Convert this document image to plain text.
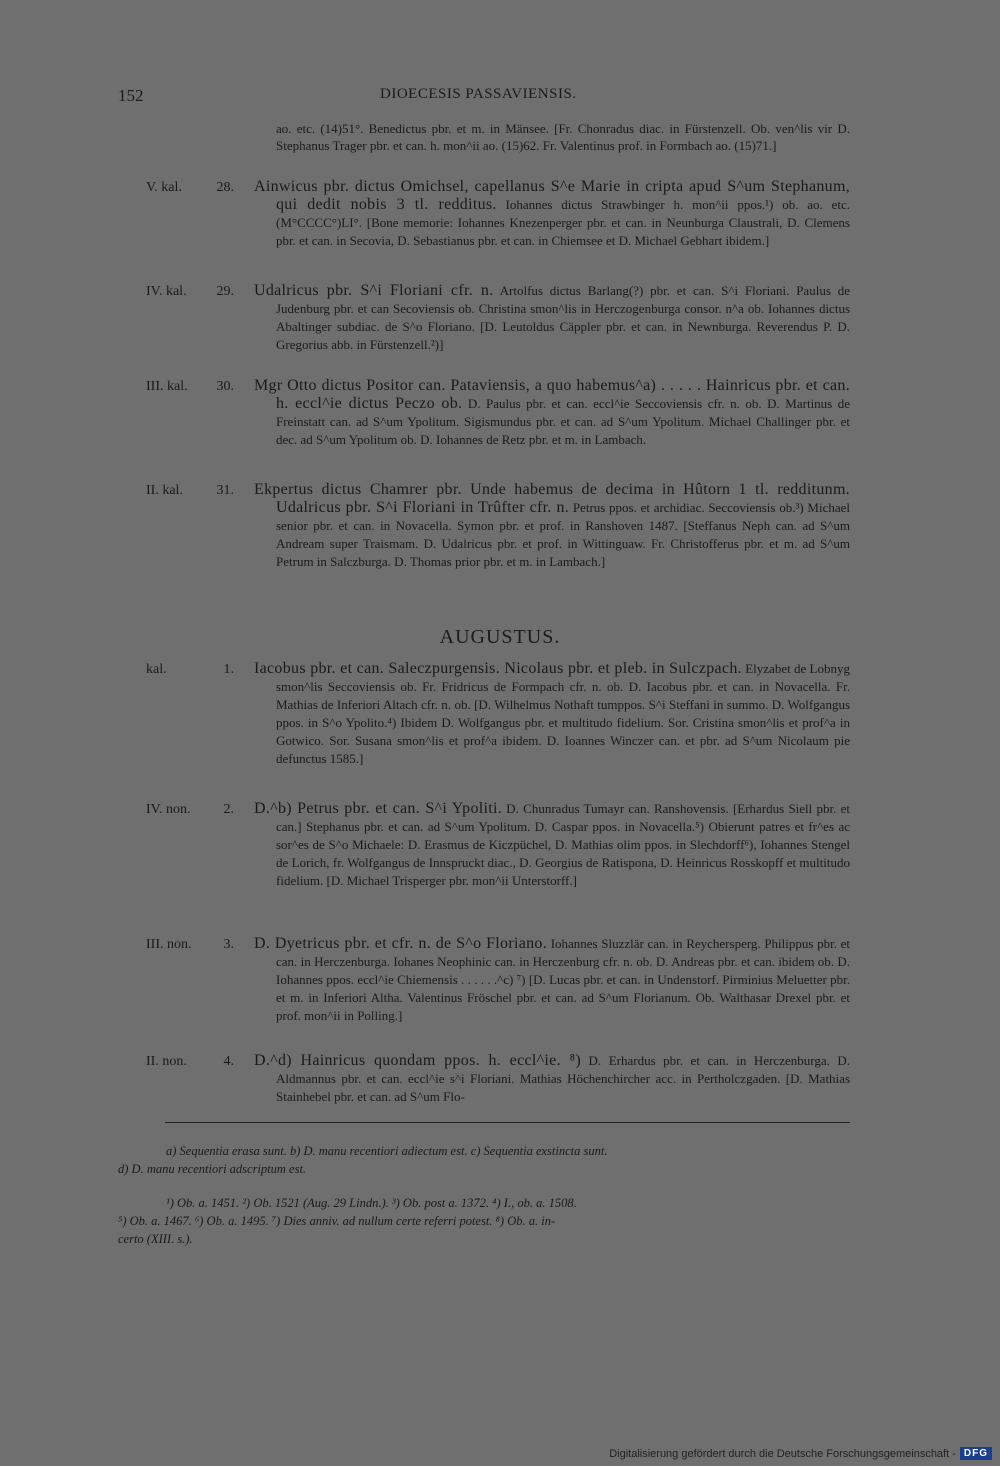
152	DIOECESIS PASSAVIENSIS.
ao. etc. (14)51°. Benedictus pbr. et m. in Mänsee. [Fr. Chonradus diac. in Fürstenzell. Ob. ven^lis vir D. Stephanus Trager pbr. et can. h. mon^ii ao. (15)62. Fr. Valentinus prof. in Formbach ao. (15)71.]
V. kal. 28. Ainwicus pbr. dictus Omichsel, capellanus S^e Marie in cripta apud S^um Stephanum, qui dedit nobis 3 tl. redditus. Iohannes dictus Strawbinger h. mon^ii ppos.¹) ob. ao. etc. (M°CCCC°)LI°. [Bone memorie: Iohannes Knezenperger pbr. et can. in Neunburga Claustrali, D. Clemens pbr. et can. in Secovia, D. Sebastianus pbr. et can. in Chiemsee et D. Michael Gebhart ibidem.]
IV. kal. 29. Udalricus pbr. S^i Floriani cfr. n. Artolfus dictus Barlang(?) pbr. et can. S^i Floriani. Paulus de Judenburg pbr. et can Secoviensis ob. Christina smon^lis in Herczogenburga consor. n^a ob. Iohannes dictus Abaltinger subdiac. de S^o Floriano. [D. Leutoldus Cäppler pbr. et can. in Newnburga. Reverendus P. D. Gregorius abb. in Fürstenzell.²)]
III. kal. 30. Mgr Otto dictus Positor can. Pataviensis, a quo habemus^a) . . . . . Hainricus pbr. et can. h. eccl^ie dictus Peczo ob. D. Paulus pbr. et can. eccl^ie Seccoviensis cfr. n. ob. D. Martinus de Freinstatt can. ad S^um Ypolitum. Sigismundus pbr. et can. ad S^um Ypolitum. Michael Challinger pbr. et dec. ad S^um Ypolitum ob. D. Iohannes de Retz pbr. et m. in Lambach.
II. kal. 31. Ekpertus dictus Chamrer pbr. Unde habemus de decima in Hûtorn 1 tl. redditunm. Udalricus pbr. S^i Floriani in Trûfter cfr. n. Petrus ppos. et archidiac. Seccoviensis ob.³) Michael senior pbr. et can. in Novacella. Symon pbr. et prof. in Ranshoven 1487. [Steffanus Neph can. ad S^um Andream super Traismam. D. Udalricus pbr. et prof. in Wittinguaw. Fr. Christofferus pbr. et m. ad S^um Petrum in Salczburga. D. Thomas prior pbr. et m. in Lambach.]
AUGUSTUS.
kal.	1. Iacobus pbr. et can. Saleczpurgensis. Nicolaus pbr. et pleb. in Sulczpach. Elyzabet de Lobnyg smon^lis Seccoviensis ob. Fr. Fridricus de Formpach cfr. n. ob. D. Iacobus pbr. et can. in Novacella. Fr. Mathias de Inferiori Altach cfr. n. ob. [D. Wilhelmus Nothaft tumppos. S^i Steffani in summo. D. Wolfgangus ppos. in S^o Ypolito.⁴) Ibidem D. Wolfgangus pbr. et multitudo fidelium. Sor. Cristina smon^lis et prof^a in Gotwico. Sor. Susana smon^lis et prof^a ibidem. D. Ioannes Winczer can. et pbr. ad S^um Nicolaum pie defunctus 1585.]
IV. non. 2. D.^b) Petrus pbr. et can. S^i Ypoliti. D. Chunradus Tumayr can. Ranshovensis. [Erhardus Siell pbr. et can.] Stephanus pbr. et can. ad S^um Ypolitum. D. Caspar ppos. in Novacella.⁵) Obierunt patres et fr^es ac sor^es de S^o Michaele: D. Erasmus de Kiczpüchel, D. Mathias olim ppos. in Slechdorff⁶), Iohannes Stengel de Lorich, fr. Wolfgangus de Innspruckt diac., D. Georgius de Ratispona, D. Heinricus Rosskopff et multitudo fidelium. [D. Michael Trisperger pbr. mon^ii Unterstorff.]
III. non. 3. D. Dyetricus pbr. et cfr. n. de S^o Floriano. Iohannes Sluzzlär can. in Reychersperg. Philippus pbr. et can. in Herczenburga. Iohanes Neophinic can. in Herczenburg cfr. n. ob. D. Andreas pbr. et can. ibidem ob. D. Iohannes ppos. eccl^ie Chiemensis . . . . . .^c) ⁷) [D. Lucas pbr. et can. in Undenstorf. Pirminius Meluetter pbr. et m. in Inferiori Altha. Valentinus Fröschel pbr. et can. ad S^um Florianum. Ob. Walthasar Drexel pbr. et prof. mon^ii in Polling.]
II. non.	4. D.^d) Hainricus quondam ppos. h. eccl^ie. ⁸) D. Erhardus pbr. et can. in Herczenburga. D. Aldmannus pbr. et can. eccl^ie s^i Floriani. Mathias Höchenchircher acc. in Pertholczgaden. [D. Mathias Stainhebel pbr. et can. ad S^um Flo-
a) Sequentia erasa sunt. b) D. manu recentiori adiectum est. c) Sequentia exstincta sunt.
d) D. manu recentiori adscriptum est.
¹) Ob. a. 1451. ²) Ob. 1521 (Aug. 29 Lindn.). ³) Ob. post a. 1372. ⁴) I., ob. a. 1508.
⁵) Ob. a. 1467. ⁶) Ob. a. 1495. ⁷) Dies anniv. ad nullum certe referri potest. ⁸) Ob. a. in-
certo (XIII. s.).
Digitalisierung gefördert durch die Deutsche Forschungsgemeinschaft - DFG
